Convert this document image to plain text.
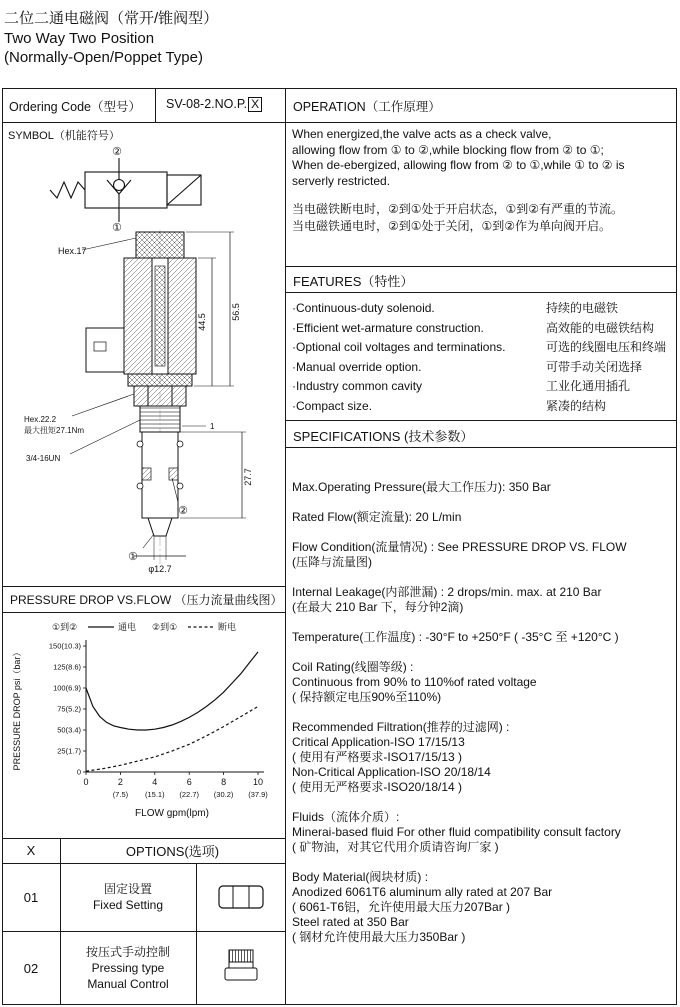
二位二通电磁阀（常开/锥阀型）
Two Way Two Position
(Normally-Open/Poppet Type)
Ordering Code（型号） SV-08-2.NO.P. X	OPERATION（工作原理）
SYMBOL（机能符号）
②
①
Hex.17
56.5
44.5
1
Hex.22.2
最大扭矩27.1Nm
3/4-16UN
27.7
φ12.7
②
①
PRESSURE DROP VS.FLOW （压力流量曲线图）
0
25(1.7)
50(3.4)
75(5.2)
100(6.9)
125(8.6)
150(10.3)
0	2
(7.5)
4
(15.1)
6
(22.7)
8
(30.2)
10
(37.9)
FLOW gpm(lpm)
PRESSURE DROP psi（bar）
①到②	通电 ②到①	断电
X	OPTIONS(选项)
01
固定设置
Fixed Setting
02
按压式手动控制
Pressing type
Manual Control
When energized,the valve acts as a check valve,
allowing flow from ① to ②,while blocking flow from ② to ①;
When de-ebergized, allowing flow from ② to ①,while ① to ② is
serverly restricted.
当电磁铁断电时，②到①处于开启状态，①到②有严重的节流。
当电磁铁通电时，②到①处于关闭，①到②作为单向阀开启。
FEATURES（特性）
·Continuous-duty solenoid.	持续的电磁铁
·Efficient wet-armature construction.	高效能的电磁铁结构
·Optional coil voltages and terminations.	可选的线圈电压和终端
·Manual override option.	可带手动关闭选择
·Industry common cavity	工业化通用插孔
·Compact size.	紧凑的结构
SPECIFICATIONS (技术参数）
Max.Operating Pressure(最大工作压力): 350 Bar
Rated Flow(额定流量): 20 L/min
Flow Condition(流量情况) : See PRESSURE DROP VS. FLOW
(压降与流量图)
Internal Leakage(内部泄漏) : 2 drops/min. max. at 210 Bar
(在最大 210 Bar 下，每分钟2滴)
Temperature(工作温度) : -30°F to +250°F ( -35°C 至 +120°C )
Coil Rating(线圈等级) :
Continuous from 90% to 110%of rated voltage
( 保持额定电压90%至110%)
Recommended Filtration(推荐的过滤网) :
Critical Application-ISO 17/15/13
( 使用有严格要求-ISO17/15/13 )
Non-Critical Application-ISO 20/18/14
( 使用无严格要求-ISO20/18/14 )
Fluids（流体介质）:
Minerai-based fluid For other fluid compatibility consult factory
( 矿物油，对其它代用介质请咨询厂家 )
Body Material(阀块材质) :
Anodized 6061T6 aluminum ally rated at 207 Bar
( 6061-T6铝，允许使用最大压力207Bar )
Steel rated at 350 Bar
( 钢材允许使用最大压力350Bar )
